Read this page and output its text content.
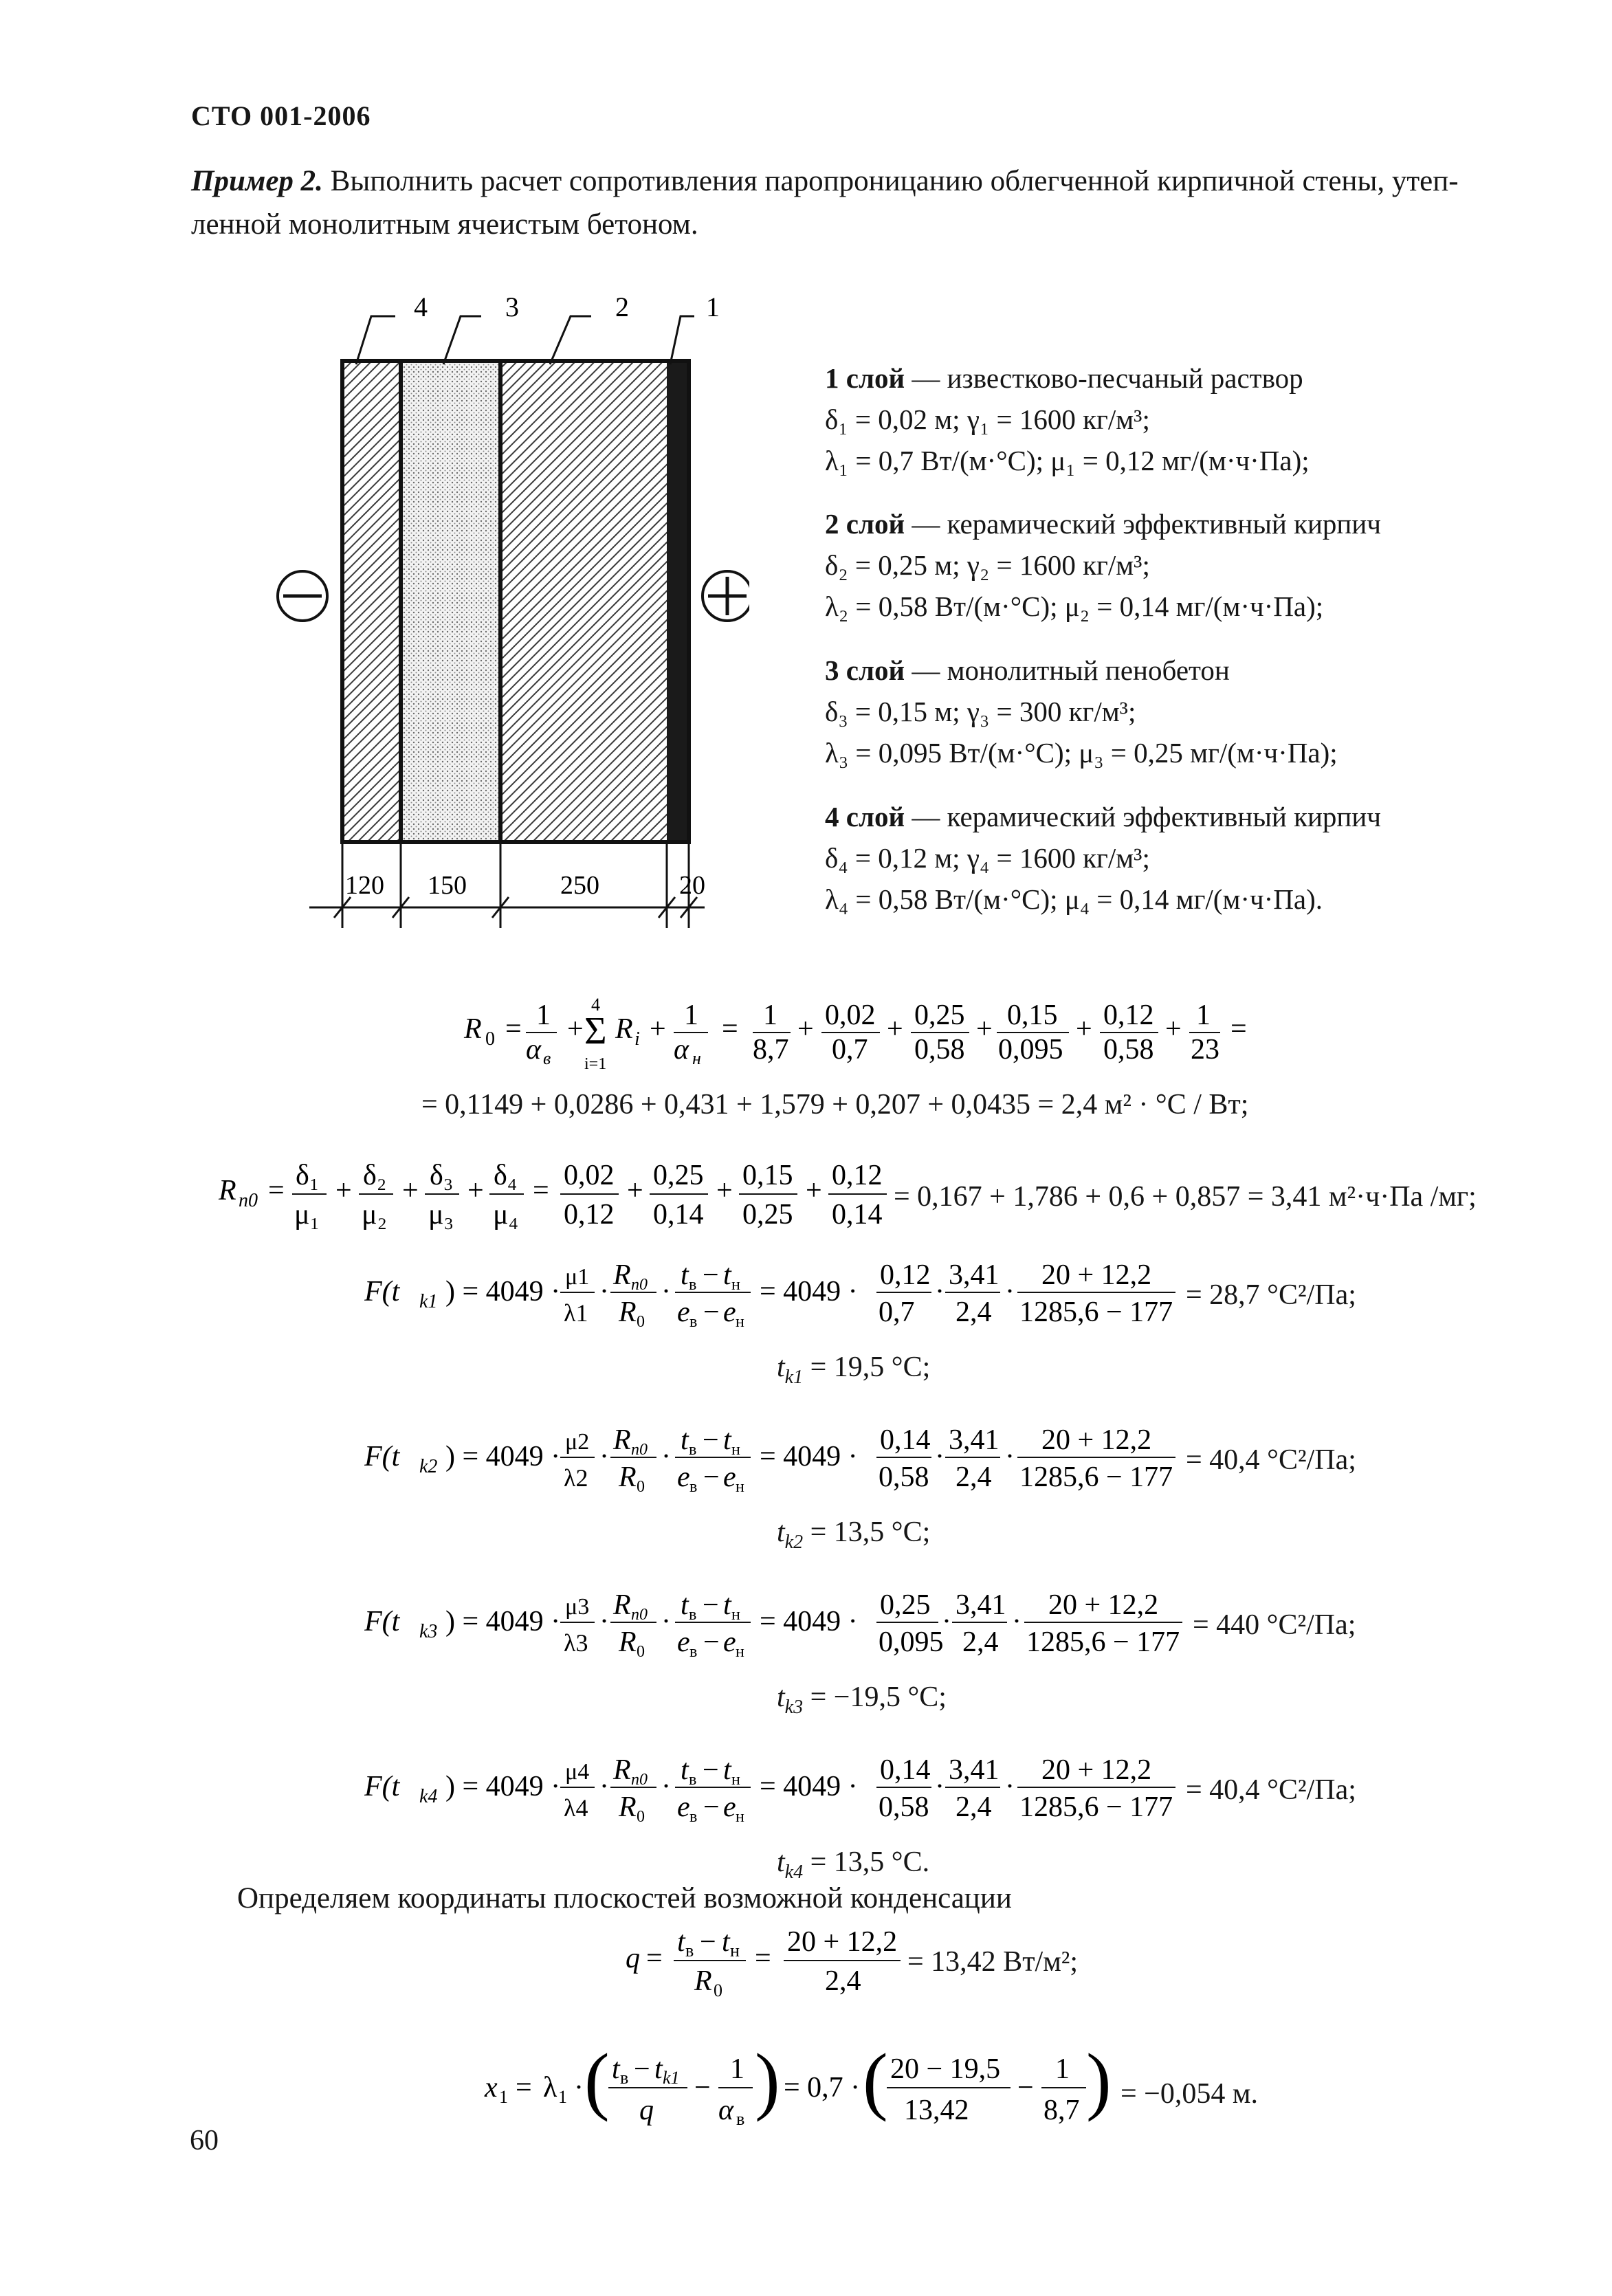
СТО 001-2006
Пример 2. Выполнить расчет сопротивления паропроницанию облегченной кирпичной стены, утеп-ленной монолитным ячеистым бетоном.
4	3	2	1
120 150	250	20
1 слой — известково-песчаный раствор
δ₁ = 0,02 м; γ₁ = 1600 кг/м³;
λ₁ = 0,7 Вт/(м·°C); μ₁ = 0,12 мг/(м·ч·Па);
2 слой — керамический эффективный кирпич
δ₂ = 0,25 м; γ₂ = 1600 кг/м³;
λ₂ = 0,58 Вт/(м·°C); μ₂ = 0,14 мг/(м·ч·Па);
3 слой — монолитный пенобетон
δ₃ = 0,15 м; γ₃ = 300 кг/м³;
λ₃ = 0,095 Вт/(м·°C); μ₃ = 0,25 мг/(м·ч·Па);
4 слой — керамический эффективный кирпич
δ₄ = 0,12 м; γ₄ = 1600 кг/м³;
λ₄ = 0,58 Вт/(м·°C); μ₄ = 0,14 мг/(м·ч·Па).
R 0 = 1
α в
+
4
Σ
i=1
R i + 1
α н
= 1
8,7
+ 0,02
0,7
+ 0,25
0,58
+ 0,15
0,095
+ 0,12
0,58
+ 1
23
=
= 0,1149 + 0,0286 + 0,431 + 1,579 + 0,207 + 0,0435 = 2,4 м² · °C / Вт;
R n0 = δ₁
μ₁
+ δ₂
μ₂
+ δ₃
μ₃
+ δ₄
μ₄
= 0,02
0,12
+ 0,25
0,14
+ 0,15
0,25
+ 0,12
0,14
= 0,167 + 1,786 + 0,6 + 0,857 = 3,41 м²·ч·Па /мг;
F(t k1 ) = 4049 · μ1
λ1
·
R n0
R 0
·
t в − t н
e в − e н
= 4049 ·
0,12
0,7
·
3,41
2,4
·
20 + 12,2
1285,6 − 177
= 28,7 °C²/Па;
$t_{k1} = 19,5$ °C;
F(t k2 ) = 4049 · μ2
λ2
·
R n0
R 0
·
t в − t н
e в − e н
= 4049 ·
0,14
0,58
·
3,41
2,4
·
20 + 12,2
1285,6 − 177
= 40,4 °C²/Па;
$t_{k2} = 13,5$ °C;
F(t k3 ) = 4049 · μ3
λ3
·
R n0
R 0
·
t в − t н
e в − e н
= 4049 ·
0,25
0,095
·
3,41
2,4
·
20 + 12,2
1285,6 − 177
= 440 °C²/Па;
$t_{k3} = -19,5$ °C;
F(t k4 ) = 4049 · μ4
λ4
·
R n0
R 0
·
t в − t н
e в − e н
= 4049 ·
0,14
0,58
·
3,41
2,4
·
20 + 12,2
1285,6 − 177
= 40,4 °C²/Па;
$t_{k4} = 13,5$ °C.
Определяем координаты плоскостей возможной конденсации
q =
t в − t н
R 0
=
20 + 12,2
2,4
= 13,42 Вт/м²;
x 1 = λ 1 · ( t в − t k1
q
−
1
α в ) = 0,7 · ( 20 − 19,5
13,42
−
1
8,7 ) = −0,054 м.
60
